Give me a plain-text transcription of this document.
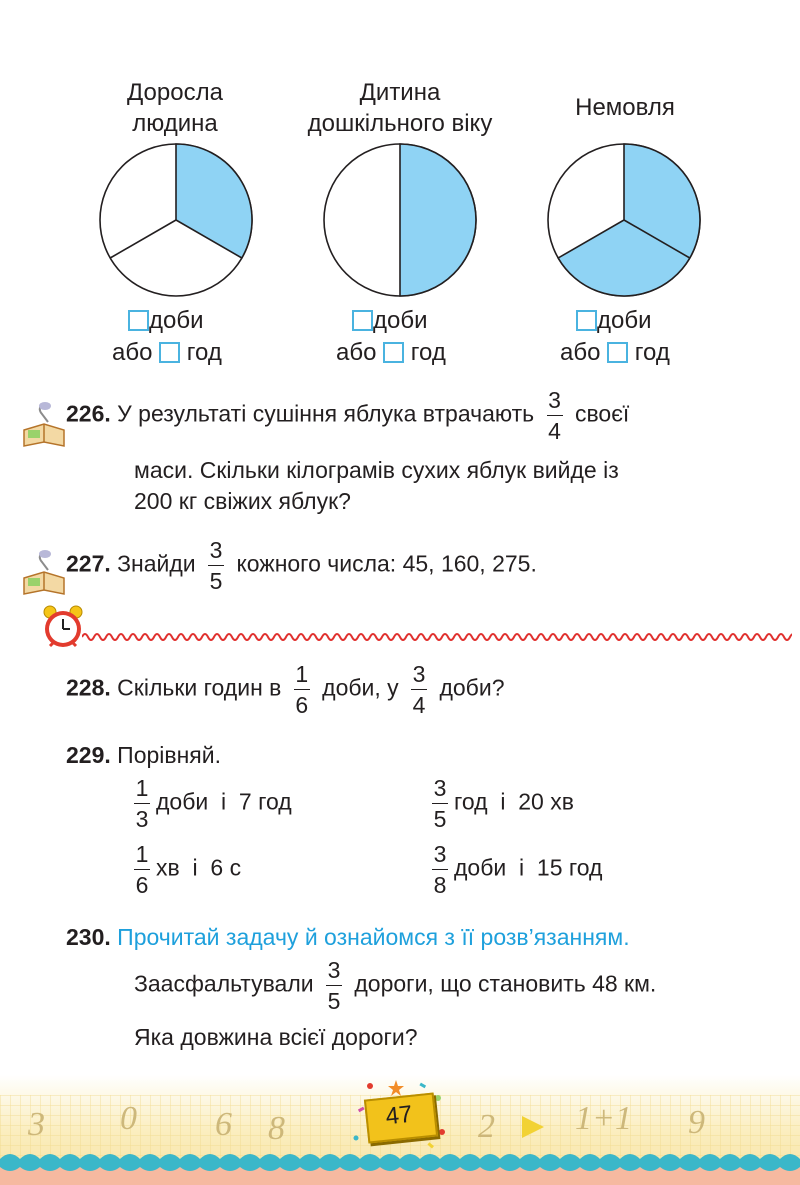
Доросла
людина
Дитина
дошкільного віку
Немовля
доби
або год
доби
або год
доби
або год
226. У результаті сушіння яблука втрачають $\frac{3}{4}$ своєї
маси. Скільки кілограмів сухих яблук вийде із
200 кг свіжих яблук?
227. Знайди $\frac{3}{5}$ кожного числа: 45, 160, 275.
228. Скільки годин в $\frac{1}{6}$ доби, у $\frac{3}{4}$ доби?
229. Порівняй.
$\frac{1}{3}$ доби  і  7 год	$\frac{3}{5}$ год  і  20 хв
$\frac{1}{6}$ хв  і  6 с	$\frac{3}{8}$ доби  і  15 год
230. Прочитай задачу й ознайомся з її розв’язанням.
Заасфальтували $\frac{3}{5}$ дороги, що становить 48 км.
Яка довжина всієї дороги?
3 0 6 8	2 1+1 9
47
